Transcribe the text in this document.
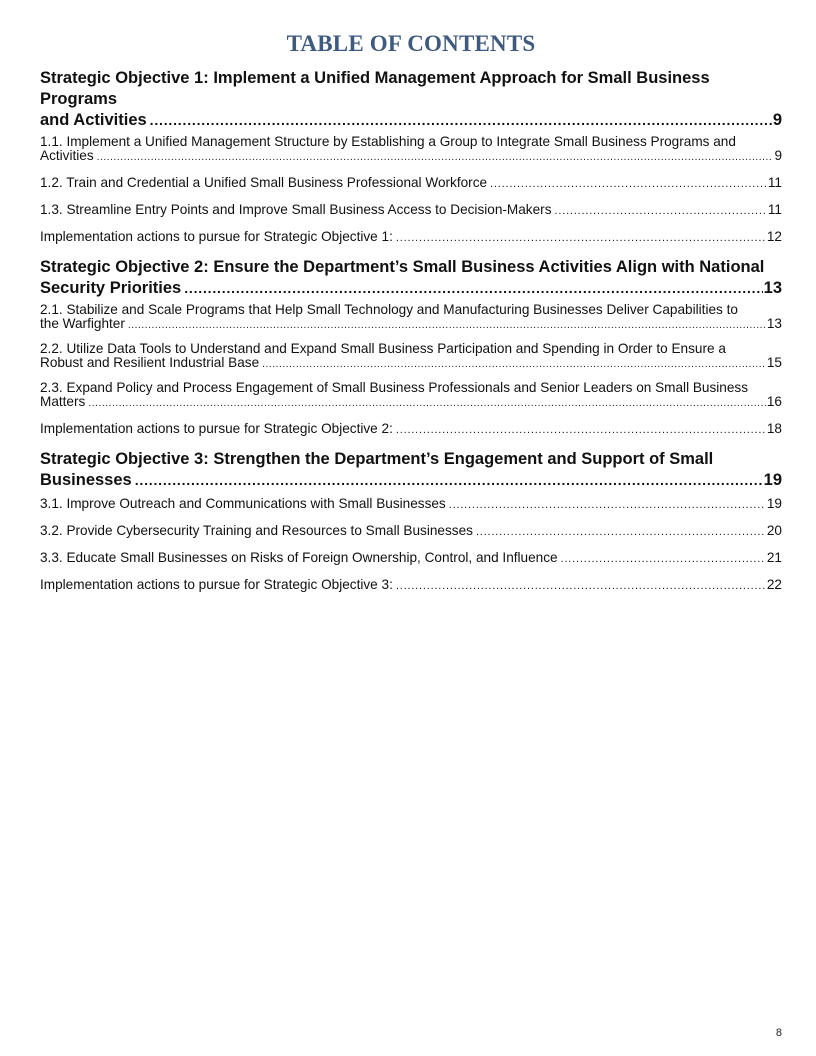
TABLE OF CONTENTS
Strategic Objective 1: Implement a Unified Management Approach for Small Business Programs
and Activities .....	9
1.1. Implement a Unified Management Structure by Establishing a Group to Integrate Small Business Programs and
Activities .....	9
1.2. Train and Credential a Unified Small Business Professional Workforce .....	11
1.3. Streamline Entry Points and Improve Small Business Access to Decision-Makers .....	11
Implementation actions to pursue for Strategic Objective 1: .....	12
Strategic Objective 2: Ensure the Department’s Small Business Activities Align with National
Security Priorities .....	13
2.1. Stabilize and Scale Programs that Help Small Technology and Manufacturing Businesses Deliver Capabilities to
the Warfighter .....	13
2.2. Utilize Data Tools to Understand and Expand Small Business Participation and Spending in Order to Ensure a
Robust and Resilient Industrial Base .....	15
2.3. Expand Policy and Process Engagement of Small Business Professionals and Senior Leaders on Small Business
Matters .....	16
Implementation actions to pursue for Strategic Objective 2: .....	18
Strategic Objective 3: Strengthen the Department’s Engagement and Support of Small
Businesses .....	19
3.1. Improve Outreach and Communications with Small Businesses .....	19
3.2. Provide Cybersecurity Training and Resources to Small Businesses .....	20
3.3. Educate Small Businesses on Risks of Foreign Ownership, Control, and Influence .....	21
Implementation actions to pursue for Strategic Objective 3: .....	22
8
